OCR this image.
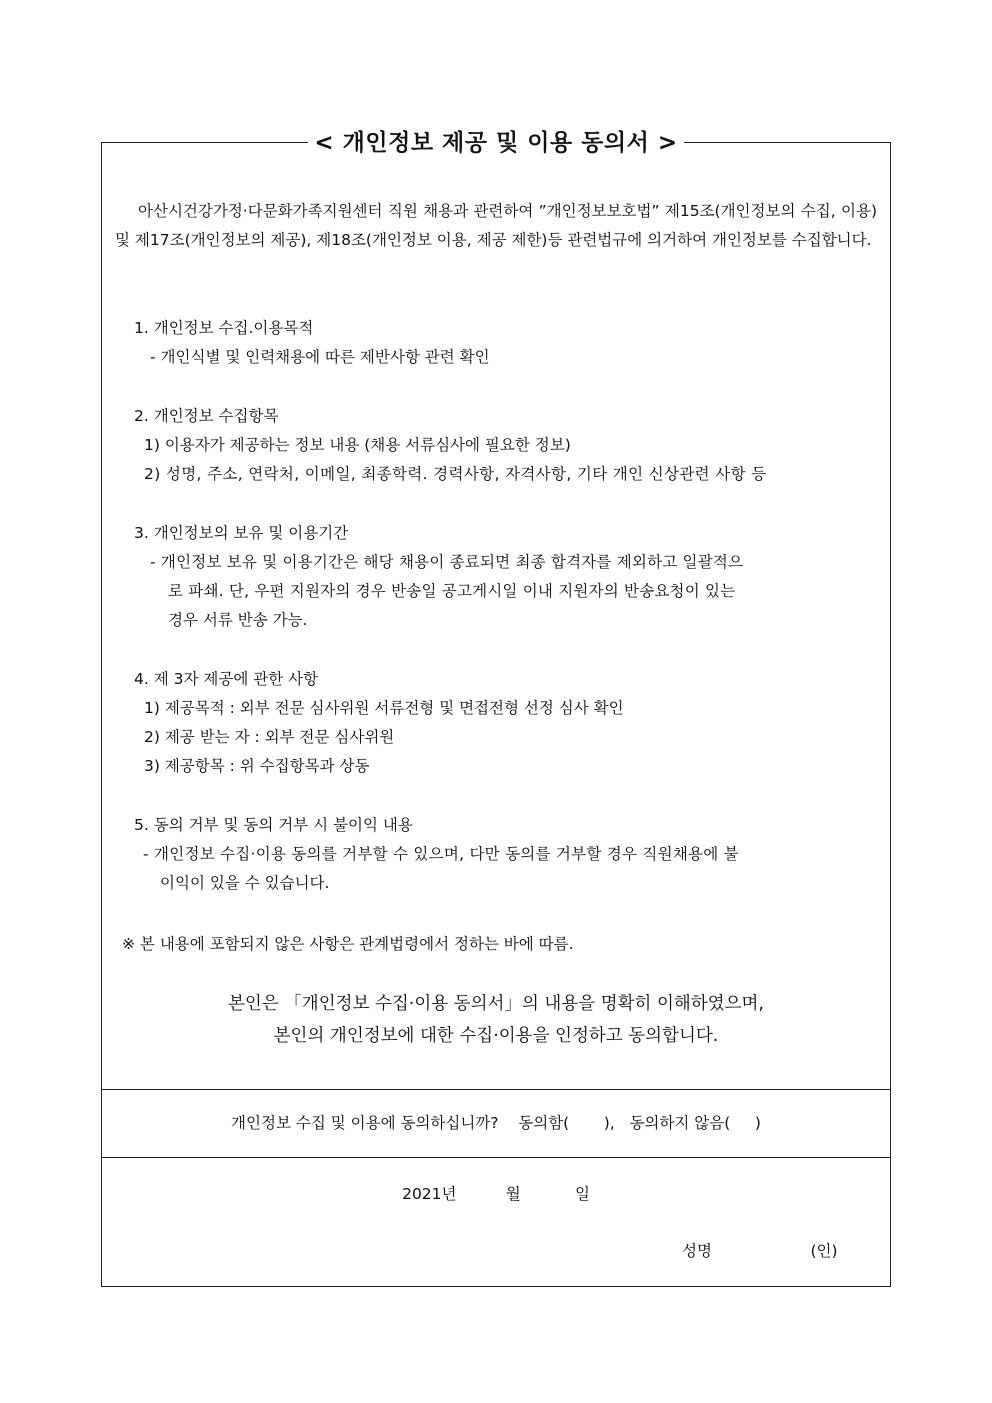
< 개인정보 제공 및 이용 동의서 >

아산시건강가정·다문화가족지원센터 직원 채용과 관련하여 ”개인정보보호법” 제15조(개인정보의 수집, 이용) 및 제17조(개인정보의 제공), 제18조(개인정보 이용, 제공 제한)등 관련법규에 의거하여 개인정보를 수집합니다.

1. 개인정보 수집.이용목적
- 개인식별 및 인력채용에 따른 제반사항 관련 확인
2. 개인정보 수집항목
1) 이용자가 제공하는 정보 내용 (채용 서류심사에 필요한 정보)
2) 성명, 주소, 연락처, 이메일, 최종학력. 경력사항, 자격사항, 기타 개인 신상관련 사항 등
3. 개인정보의 보유 및 이용기간
- 개인정보 보유 및 이용기간은 해당 채용이 종료되면 최종 합격자를 제외하고 일괄적으
로 파쇄. 단, 우편 지원자의 경우 반송일 공고게시일 이내 지원자의 반송요청이 있는
경우 서류 반송 가능.
4. 제 3자 제공에 관한 사항
1) 제공목적 : 외부 전문 심사위원 서류전형 및 면접전형 선정 심사 확인
2) 제공 받는 자 : 외부 전문 심사위원
3) 제공항목 : 위 수집항목과 상동
5. 동의 거부 및 동의 거부 시 불이익 내용
- 개인정보 수집·이용 동의를 거부할 수 있으며, 다만 동의를 거부할 경우 직원채용에 불
이익이 있을 수 있습니다.
※ 본 내용에 포함되지 않은 사항은 관계법령에서 정하는 바에 따름.
본인은 「개인정보 수집·이용 동의서」의 내용을 명확히 이해하였으며,
본인의 개인정보에 대한 수집·이용을 인정하고 동의합니다.
개인정보 수집 및 이용에 동의하십니까?    동의함(       ),   동의하지 않음(     )
2021년          월           일
성명                    (인)
